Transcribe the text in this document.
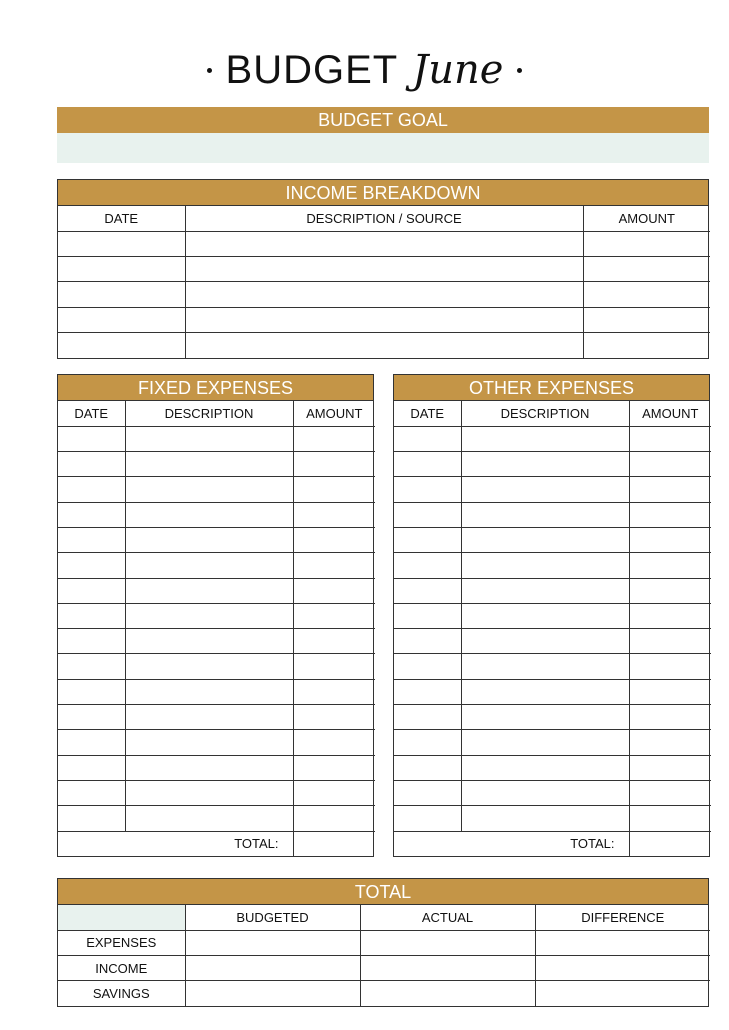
BUDGET June
BUDGET GOAL
INCOME BREAKDOWN
DATE	DESCRIPTION / SOURCE	AMOUNT

FIXED EXPENSES
DATE	DESCRIPTION	AMOUNT

TOTAL:		
OTHER EXPENSES
DATE	DESCRIPTION	AMOUNT

TOTAL:		
TOTAL
	BUDGETED	ACTUAL	DIFFERENCE
EXPENSES			
INCOME			
SAVINGS			
